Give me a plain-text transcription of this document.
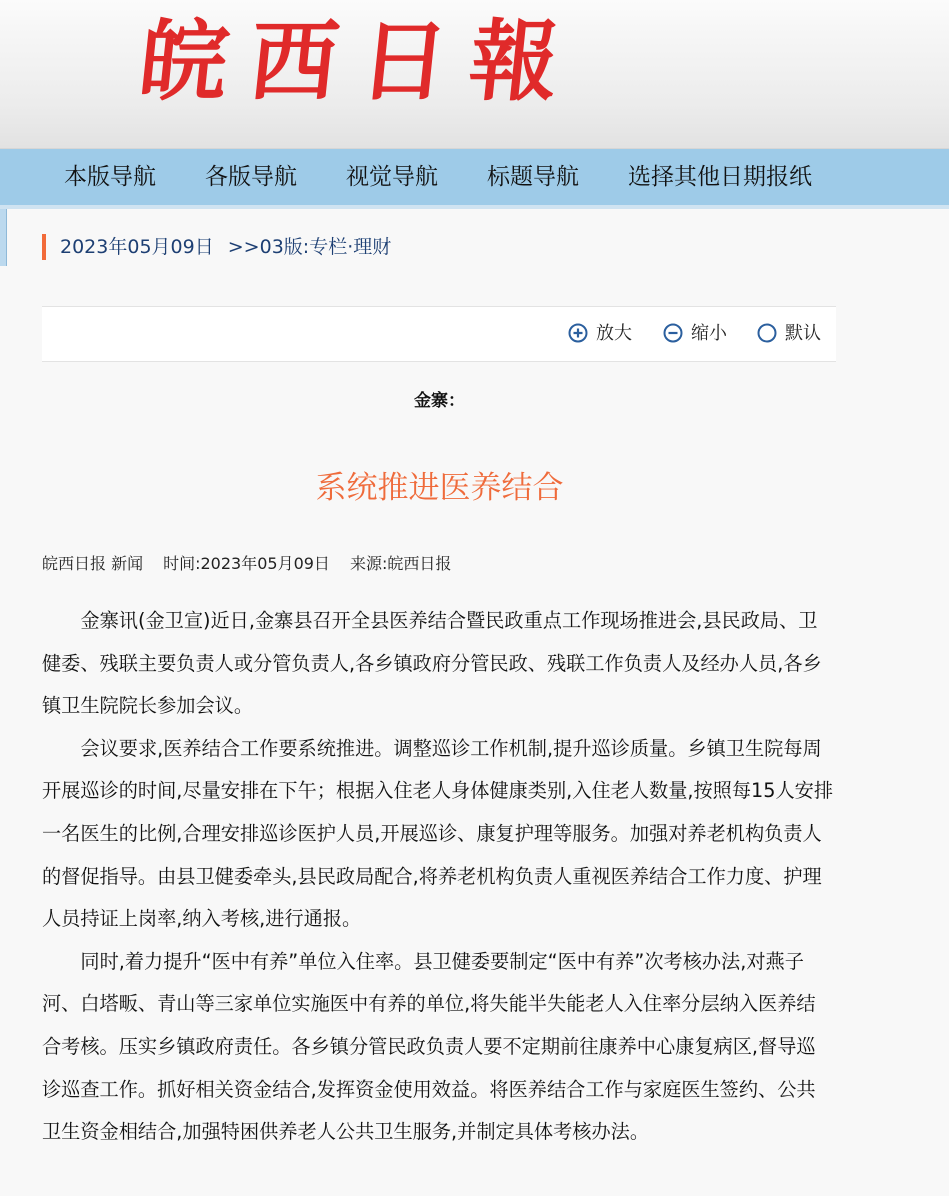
皖西日報
本版导航 各版导航 视觉导航 标题导航 选择其他日期报纸
2023年05月09日 >>03版:专栏·理财
放大	缩小	默认
金寨：
系统推进医养结合
皖西日报 新闻 时间:2023年05月09日 来源:皖西日报

金寨讯(金卫宣)近日,金寨县召开全县医养结合暨民政重点工作现场推进会,县民政局、卫健委、残联主要负责人或分管负责人,各乡镇政府分管民政、残联工作负责人及经办人员,各乡镇卫生院院长参加会议。

会议要求,医养结合工作要系统推进。调整巡诊工作机制,提升巡诊质量。乡镇卫生院每周开展巡诊的时间,尽量安排在下午；根据入住老人身体健康类别,入住老人数量,按照每15人安排一名医生的比例,合理安排巡诊医护人员,开展巡诊、康复护理等服务。加强对养老机构负责人的督促指导。由县卫健委牵头,县民政局配合,将养老机构负责人重视医养结合工作力度、护理人员持证上岗率,纳入考核,进行通报。

同时,着力提升“医中有养”单位入住率。县卫健委要制定“医中有养”次考核办法,对燕子河、白塔畈、青山等三家单位实施医中有养的单位,将失能半失能老人入住率分层纳入医养结合考核。压实乡镇政府责任。各乡镇分管民政负责人要不定期前往康养中心康复病区,督导巡诊巡查工作。抓好相关资金结合,发挥资金使用效益。将医养结合工作与家庭医生签约、公共卫生资金相结合,加强特困供养老人公共卫生服务,并制定具体考核办法。
